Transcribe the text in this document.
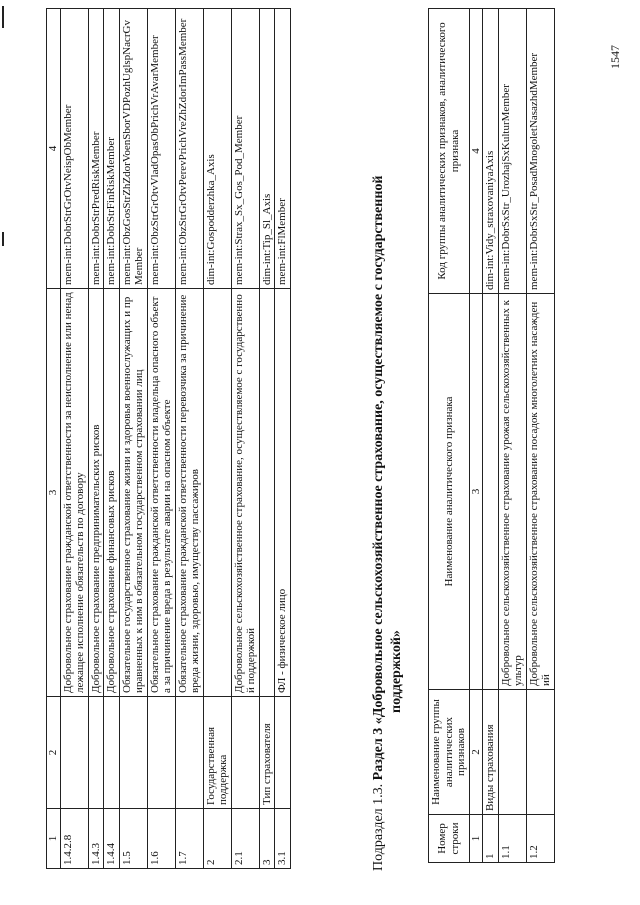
1	2	3	4
1.4.2.8		Добровольное страхование гражданской ответственности за неисполнение или ненадлежащее исполнение обязательств по договору	mem-int:DobrStrGrOtvNeispObMember
1.4.3		Добровольное страхование предпринимательских рисков	mem-int:DobrStrPredRiskMember
1.4.4		Добровольное страхование финансовых рисков	mem-int:DobrStrFinRiskMember
1.5		Обязательное государственное страхование жизни и здоровья военнослужащих и приравненных к ним в обязательном государственном страховании лиц	mem-int:ObzGosStrZhZdorVoenSborVDPozhUglspNacrGvMember
1.6		Обязательное страхование гражданской ответственности владельца опасного объекта за причинение вреда в результате аварии на опасном объекте	mem-int:ObzStrGrOtvVladOpasObPrichVrAvarMember
1.7		Обязательное страхование гражданской ответственности перевозчика за причинение вреда жизни, здоровью, имуществу пассажиров	mem-int:ObzStrGrOtvPerevPrichVreZhZdorImPassMember
2	Государственная поддержка		dim-int:Gospodderzhka_Axis
2.1		Добровольное сельскохозяйственное страхование, осуществляемое с государственной поддержкой	mem-int:Strax_Sx_Gos_Pod_Member
3	Тип страхователя		dim-int:Tip_Sl_Axis
3.1		ФЛ - физическое лицо	mem-int:FlMember
Подраздел 1.3. Раздел 3 «Добровольное сельскохозяйственное страхование, осуществляемое с государственной поддержкой»
Номер строки	Наименование группы аналитических признаков	Наименование аналитического признака	Код группы аналитических признаков, аналитического признака
1	2	3	4
1	Виды страхования		dim-int:Vidy_straxovaniyaAxis
1.1		Добровольное сельскохозяйственное страхование урожая сельскохозяйственных культур	mem-int:DobrSxStr_UrozhajSxKulturMember
1.2		Добровольное сельскохозяйственное страхование посадок многолетних насаждений	mem-int:DobrSxStr_PosadMnogoletNasazhdMember	1547
